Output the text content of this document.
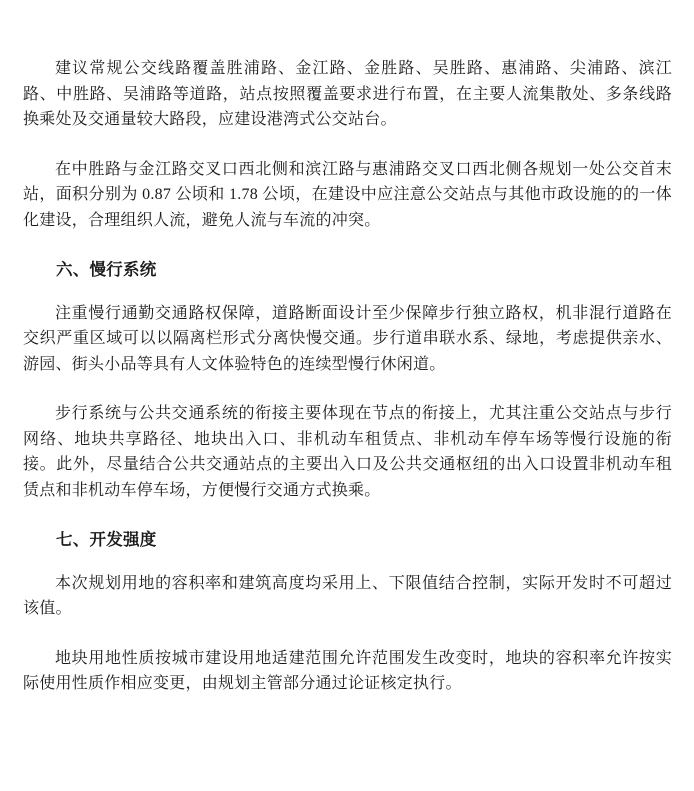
建议常规公交线路覆盖胜浦路、金江路、金胜路、吴胜路、惠浦路、尖浦路、滨江路、中胜路、吴浦路等道路，站点按照覆盖要求进行布置，在主要人流集散处、多条线路换乘处及交通量较大路段，应建设港湾式公交站台。

在中胜路与金江路交叉口西北侧和滨江路与惠浦路交叉口西北侧各规划一处公交首末站，面积分别为 0.87 公顷和 1.78 公顷，在建设中应注意公交站点与其他市政设施的的一体化建设，合理组织人流，避免人流与车流的冲突。

六、慢行系统

注重慢行通勤交通路权保障，道路断面设计至少保障步行独立路权，机非混行道路在交织严重区域可以以隔离栏形式分离快慢交通。步行道串联水系、绿地，考虑提供亲水、游园、街头小品等具有人文体验特色的连续型慢行休闲道。

步行系统与公共交通系统的衔接主要体现在节点的衔接上，尤其注重公交站点与步行网络、地块共享路径、地块出入口、非机动车租赁点、非机动车停车场等慢行设施的衔接。此外，尽量结合公共交通站点的主要出入口及公共交通枢纽的出入口设置非机动车租赁点和非机动车停车场，方便慢行交通方式换乘。

七、开发强度

本次规划用地的容积率和建筑高度均采用上、下限值结合控制，实际开发时不可超过该值。

地块用地性质按城市建设用地适建范围允许范围发生改变时，地块的容积率允许按实际使用性质作相应变更，由规划主管部分通过论证核定执行。
